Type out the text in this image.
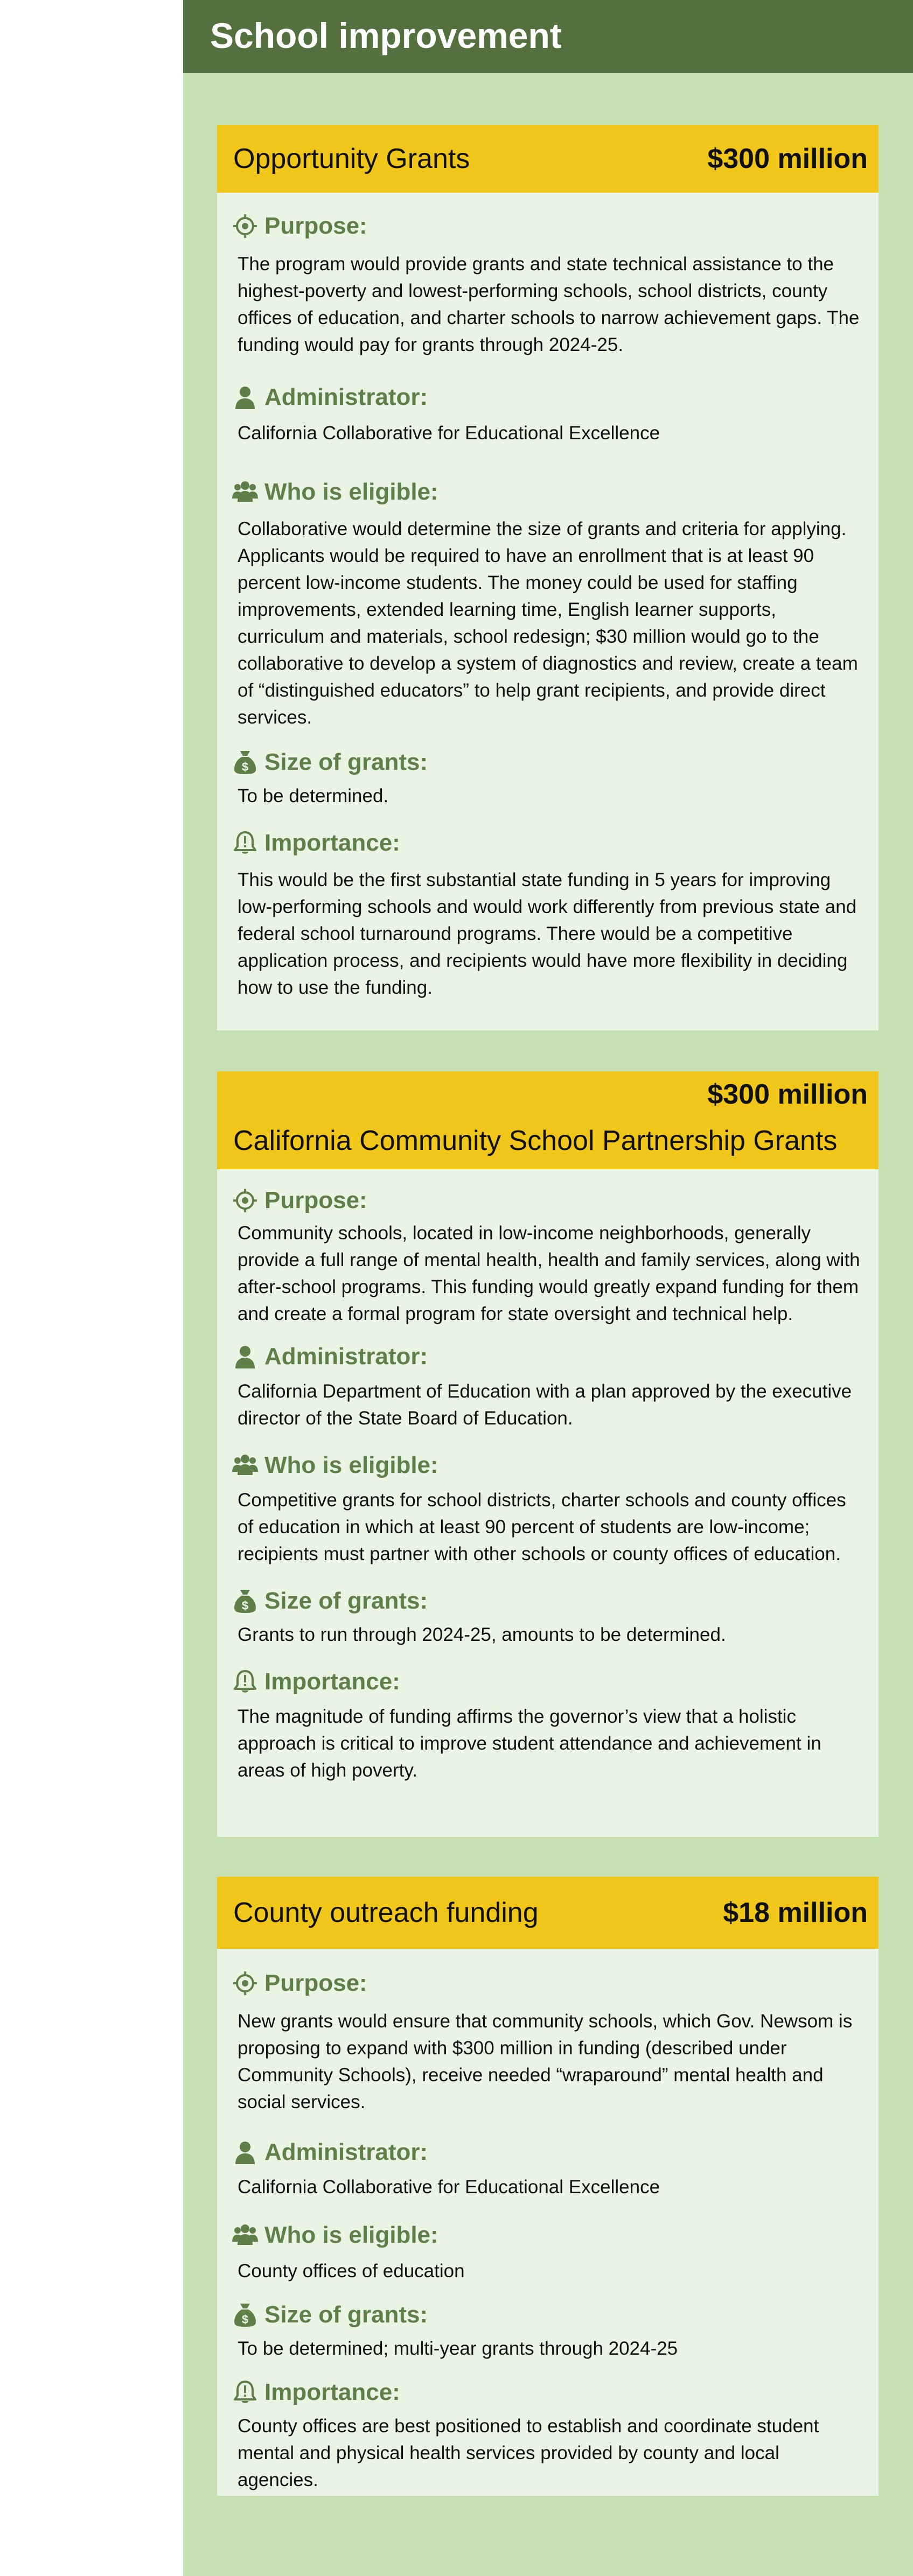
School improvement
Opportunity Grants	$300 million
Purpose:
The program would provide grants and state technical assistance to the highest-poverty and lowest-performing schools, school districts, county offices of education, and charter schools to narrow achievement gaps. The funding would pay for grants through 2024-25.
Administrator:
California Collaborative for Educational Excellence
Who is eligible:
Collaborative would determine the size of grants and criteria for applying. Applicants would be required to have an enrollment that is at least 90 percent low-income students. The money could be used for staffing improvements, extended learning time, English learner supports, curriculum and materials, school redesign; $30 million would go to the collaborative to develop a system of diagnostics and review, create a team of “distinguished educators” to help grant recipients, and provide direct services.
Size of grants:
To be determined.
Importance:
This would be the first substantial state funding in 5 years for improving low-performing schools and would work differently from previous state and federal school turnaround programs. There would be a competitive application process, and recipients would have more flexibility in deciding how to use the funding.
$300 million
California Community School Partnership Grants
Purpose:
Community schools, located in low-income neighborhoods, generally provide a full range of mental health, health and family services, along with after-school programs. This funding would greatly expand funding for them and create a formal program for state oversight and technical help.
Administrator:
California Department of Education with a plan approved by the executive director of the State Board of Education.
Who is eligible:
Competitive grants for school districts, charter schools and county offices of education in which at least 90 percent of students are low-income; recipients must partner with other schools or county offices of education.
Size of grants:
Grants to run through 2024-25, amounts to be determined.
Importance:
The magnitude of funding affirms the governor’s view that a holistic approach is critical to improve student attendance and achievement in areas of high poverty.
County outreach funding	$18 million
Purpose:
New grants would ensure that community schools, which Gov. Newsom is proposing to expand with $300 million in funding (described under Community Schools), receive needed “wraparound” mental health and social services.
Administrator:
California Collaborative for Educational Excellence
Who is eligible:
County offices of education
Size of grants:
To be determined; multi-year grants through 2024-25
Importance:
County offices are best positioned to establish and coordinate student mental and physical health services provided by county and local agencies.
